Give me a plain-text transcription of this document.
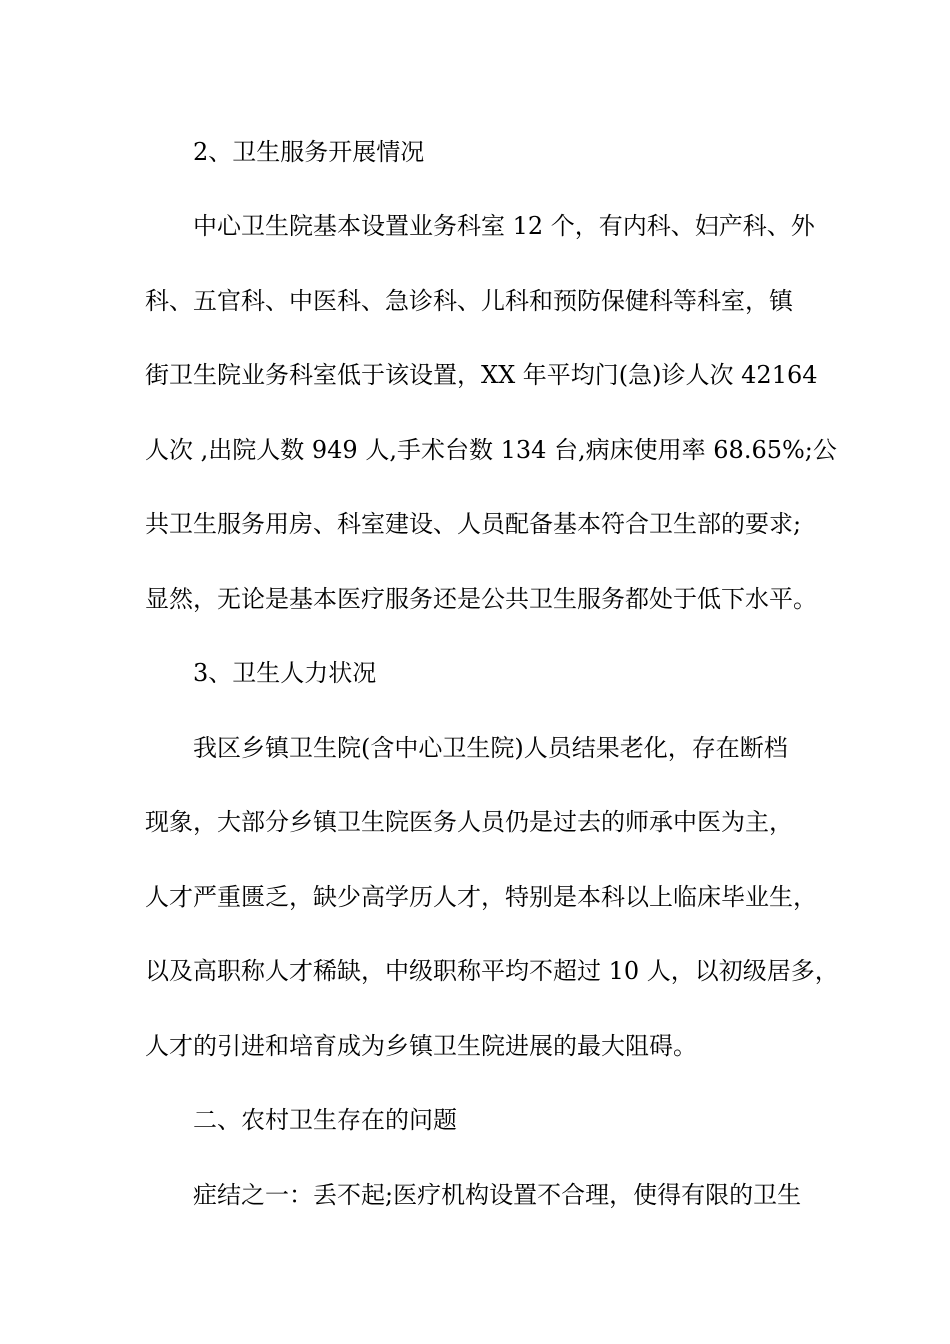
2、卫生服务开展情况
中心卫生院基本设置业务科室 12 个，有内科、妇产科、外
科、五官科、中医科、急诊科、儿科和预防保健科等科室，镇
街卫生院业务科室低于该设置，XX 年平均门(急)诊人次 42164
人次 ,出院人数 949 人,手术台数 134 台,病床使用率 68.65%;公
共卫生服务用房、科室建设、人员配备基本符合卫生部的要求;
显然，无论是基本医疗服务还是公共卫生服务都处于低下水平。
3、卫生人力状况
我区乡镇卫生院(含中心卫生院)人员结果老化，存在断档
现象，大部分乡镇卫生院医务人员仍是过去的师承中医为主，
人才严重匮乏，缺少高学历人才，特别是本科以上临床毕业生，
以及高职称人才稀缺，中级职称平均不超过 10 人，以初级居多，
人才的引进和培育成为乡镇卫生院进展的最大阻碍。
二、农村卫生存在的问题
症结之一：丢不起;医疗机构设置不合理，使得有限的卫生
